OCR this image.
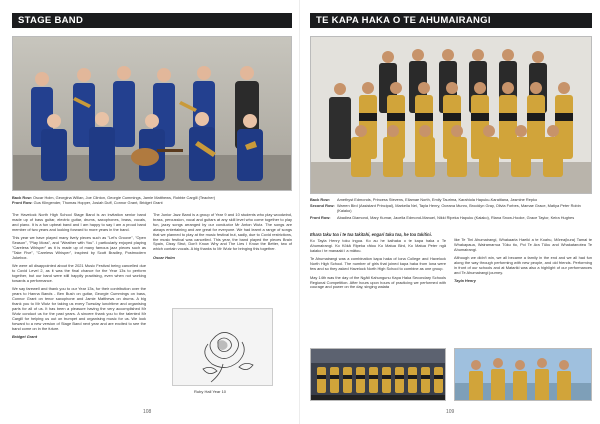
STAGE BAND
Back Row: Oscar Holm, Georgina Willan, Joe Clinton, Georgie Cummings, Jamie Matthews, Robbie Cargill (Teacher)
Front Row: Gus Klingender, Thomas Hopper, Josiah Duff, Connor Grant, Bridget Grant

The Havelock North High School Stage Band is an invitation senior band made up of bass guitar, electric guitar, drums, saxophones, brass, vocals, and piano. It is a fun upbeat band and I am happy to say I am a proud band member of two years and looking forward to more years in the band.

This year we have played many lively pieces such as "Let's Groove", "Open Season", "Play Moss", and "Weather with You". I particularly enjoyed playing "Careless Whisper" as it is made up of many famous jazz pieces such as "Take Five", "Careless Whisper", inspired by Scott Bradley, Postmodern Jukebox.

We were all disappointed about the 2021 Music Festival being cancelled due to Covid Level 2, as it was the final chance for the Year 13s to perform together, but our band were still happily practising, even when not working towards a performance.

We say farewell and thank you to our Year 13s, for their contribution over the years to Hanna Bands - Ben Bush on guitar, Georgie Cummings on bass, Connor Grant on tenor saxophone and Jamie Matthews on drums. A big thank you to Mr Wutz for taking us every Tuesday lunchtime and organising parts for all of us. It has been a pleasure having the very accomplished Mr Wutz conduct us for the past years. A sincere thank you to the talented Mr Cargill for helping us out on trumpet and organising music for us. We look forward to a new version of Stage Band next year and are excited to see the band come on in the future.

Bridget Grant

The Junior Jazz Band is a group of Year 9 and 10 students who play woodwind, brass, percussion, vocal and guitars at any skill level who come together to play fun, jazzy songs arranged by our conductor Mr Anton Wutz. The songs are always entertaining and are great for everyone. We had learnt a range of songs that we planned to play at the music festival but, sadly, due to Covid restrictions, the music festival was cancelled. This year, the band played the pieces Brain Spain, Cissy Strut, Don't Know Why and The Lies I Know the Better, two of which contain vocals. A big thanks to Mr Wutz for bringing this together.

Oscar Holm
Ruby Hall Year 10
108
TE KAPA HAKA O TE AHUMAIRANGI
Back Row:	Amethyst Edmonds, Princess Stevens, Ellamae North, Emily Taurima, Karahiola Hapuku-Karaitiana, Jasmine Repko
Second Row: Warren Bird (Assistant Principal), Markella Nel, Tayla Henry, Oceana Munro, Brooklyn Gray, Olivia Forbes, Mamae Grace, Matiya Peter Robin (Kaiako)
Front Row:	Abadiea Diamond, Mary Kumar, Jacella Edmond-Manuel, Nikki Ripeka Hapuku (Kaiako), Riana Snow-Hooke, Grace Taylor, Keira Hughes
Ehara taku toa i te toa takitahi, engari taku toa, he toa takitini.

Ko Tayla Henry toku ingoa. Ko au he kaihaka o te kapa haka o Te Ahumairangi. Ko Kōkā Ripeka rātou Ko Matua Bird, Ko Matua Peter ngā kaiako i te manaaki i a mātou.

Te Ahumairangi was a combination kapa haka of Iona College and Havelock North High School. The number of girls that joined kapa haka from Iona were few and so they asked Havelock North High School to combine as one group.

May 14th was the day of the Ngāti Kahungunu Kapa Haka Secondary Schools Regional Competition. After hours upon hours of practicing we performed with courage and power on the day, singing waiata

like Te Tini Ahumairangi, Whakaaria Haeiki a te Koahu, Mōrea(kura) Tamai te Whakapaua, Wairamarrua Tūku tio, Poi Te Ara Tūku and Whakatanotea Te Ahumairangi.

Although we didn't win, we all became a family in the end and we all had fun along the way through performing with new people, and old friends. Performing in front of our schools and at Matariki was also a highlight of our performances and Te Ahumairangi journey.

Tayla Henry
109
